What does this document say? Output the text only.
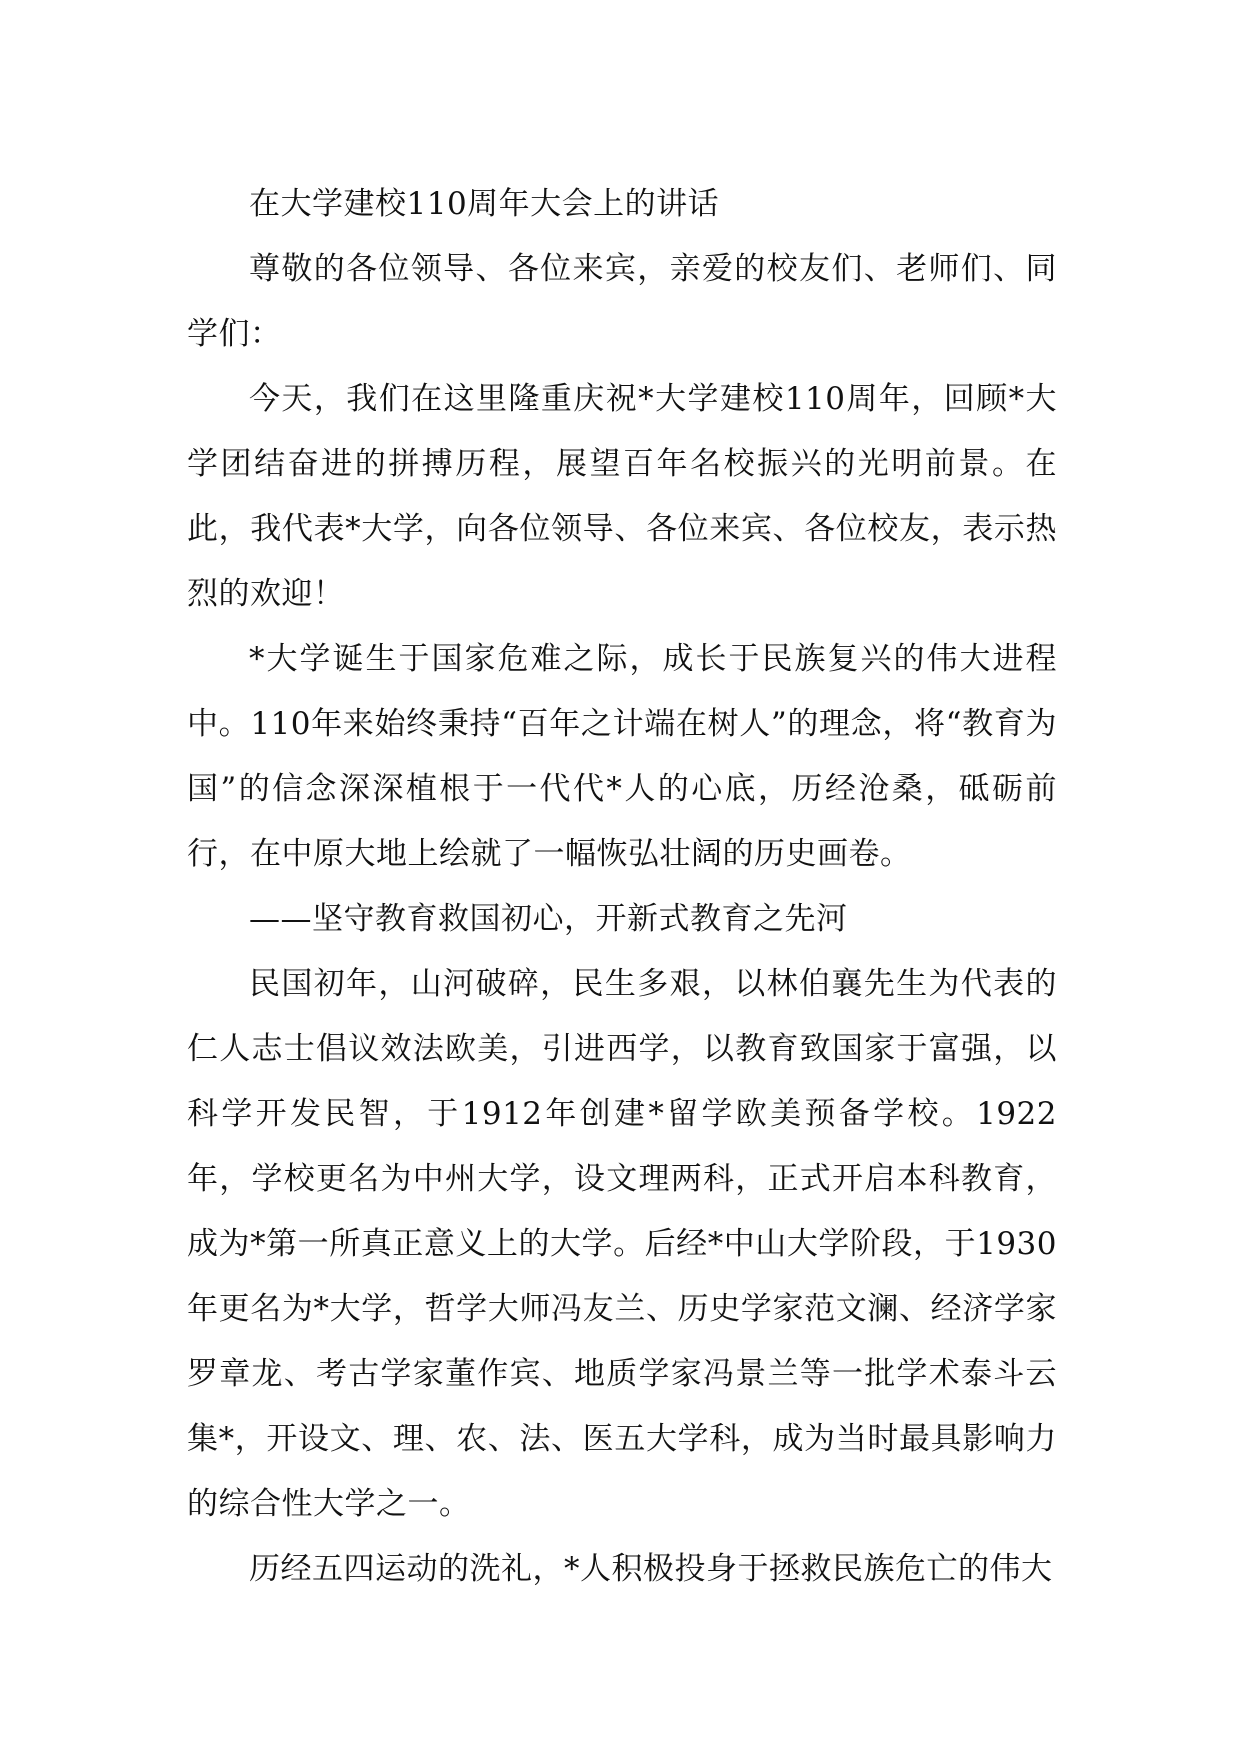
在大学建校110周年大会上的讲话

尊敬的各位领导、各位来宾，亲爱的校友们、老师们、同学们：

今天，我们在这里隆重庆祝*大学建校110周年，回顾*大学团结奋进的拼搏历程，展望百年名校振兴的光明前景。在此，我代表*大学，向各位领导、各位来宾、各位校友，表示热烈的欢迎！

*大学诞生于国家危难之际，成长于民族复兴的伟大进程中。110年来始终秉持“百年之计端在树人”的理念，将“教育为国”的信念深深植根于一代代*人的心底，历经沧桑，砥砺前行，在中原大地上绘就了一幅恢弘壮阔的历史画卷。

——坚守教育救国初心，开新式教育之先河

民国初年，山河破碎，民生多艰，以林伯襄先生为代表的仁人志士倡议效法欧美，引进西学，以教育致国家于富强，以科学开发民智，于1912年创建*留学欧美预备学校。1922年，学校更名为中州大学，设文理两科，正式开启本科教育，成为*第一所真正意义上的大学。后经*中山大学阶段，于1930年更名为*大学，哲学大师冯友兰、历史学家范文澜、经济学家罗章龙、考古学家董作宾、地质学家冯景兰等一批学术泰斗云集*，开设文、理、农、法、医五大学科，成为当时最具影响力的综合性大学之一。

历经五四运动的洗礼，*人积极投身于拯救民族危亡的伟大
